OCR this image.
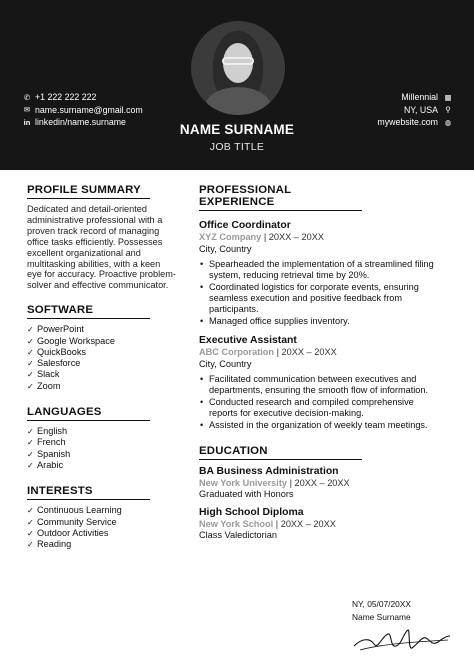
✆ +1 222 222 222
✉ name.surname@gmail.com
in linkedin/name.surname
Millennial ▦
NY, USA ⚲
mywebsite.com ◍
NAME SURNAME
JOB TITLE
PROFILE SUMMARY

Dedicated and detail-oriented administrative professional with a proven track record of managing office tasks efficiently. Possesses excellent organizational and multitasking abilities, with a keen eye for accuracy. Proactive problem-solver and effective communicator.

SOFTWARE
✓ PowerPoint
✓ Google Workspace
✓ QuickBooks
✓ Salesforce
✓ Slack
✓ Zoom
LANGUAGES
✓ English
✓ French
✓ Spanish
✓ Arabic
INTERESTS
✓ Continuous Learning
✓ Community Service
✓ Outdoor Activities
✓ Reading
PROFESSIONAL EXPERIENCE
Office Coordinator
XYZ Company | 20XX – 20XX
City, Country
• Spearheaded the implementation of a streamlined filing system, reducing retrieval time by 20%.
• Coordinated logistics for corporate events, ensuring seamless execution and positive feedback from participants.
• Managed office supplies inventory.
Executive Assistant
ABC Corporation | 20XX – 20XX
City, Country
• Facilitated communication between executives and departments, ensuring the smooth flow of information.
• Conducted research and compiled comprehensive reports for executive decision-making.
• Assisted in the organization of weekly team meetings.
EDUCATION
BA Business Administration
New York University | 20XX – 20XX
Graduated with Honors
High School Diploma
New York School | 20XX – 20XX
Class Valedictorian
NY, 05/07/20XX
Name Surname
